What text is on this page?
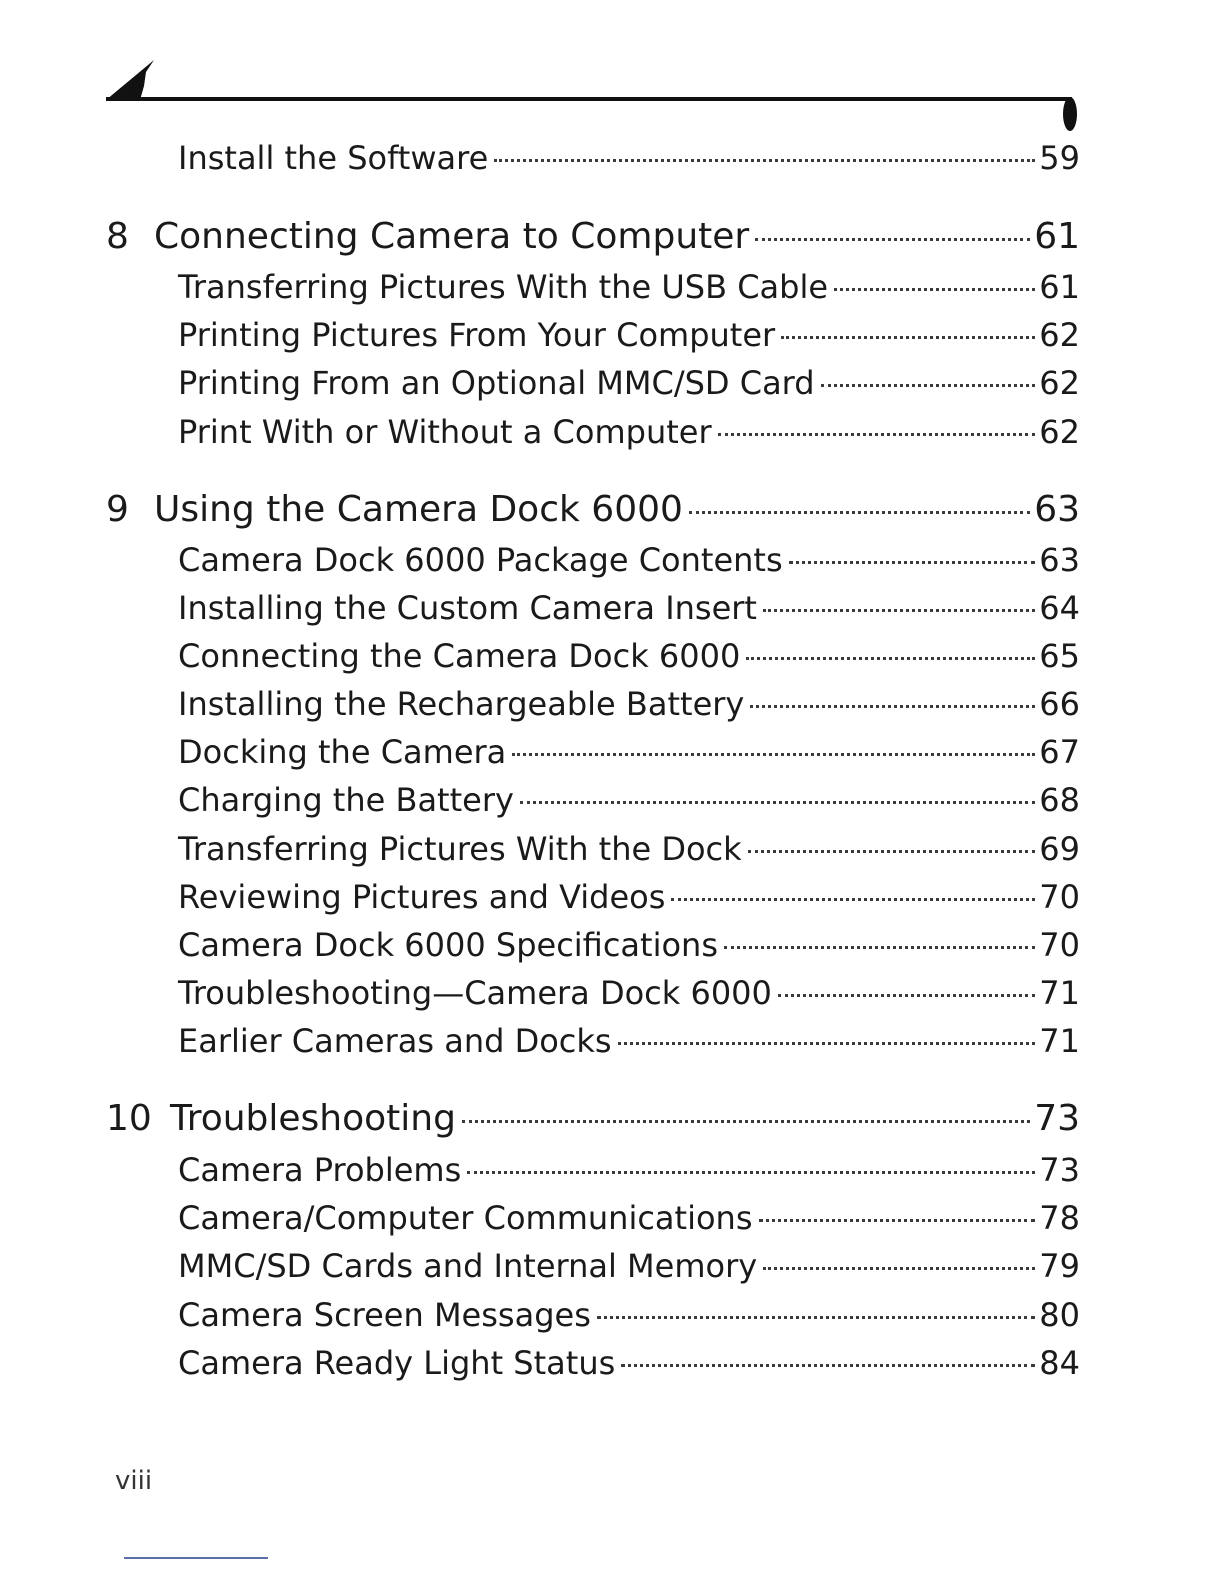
Install the Software	59
8 Connecting Camera to Computer	61
Transferring Pictures With the USB Cable	61
Printing Pictures From Your Computer	62
Printing From an Optional MMC/SD Card	62
Print With or Without a Computer	62
9 Using the Camera Dock 6000	63
Camera Dock 6000 Package Contents	63
Installing the Custom Camera Insert	64
Connecting the Camera Dock 6000	65
Installing the Rechargeable Battery	66
Docking the Camera	67
Charging the Battery	68
Transferring Pictures With the Dock	69
Reviewing Pictures and Videos	70
Camera Dock 6000 Specifications	70
Troubleshooting—Camera Dock 6000	71
Earlier Cameras and Docks	71
10 Troubleshooting	73
Camera Problems	73
Camera/Computer Communications	78
MMC/SD Cards and Internal Memory	79
Camera Screen Messages	80
Camera Ready Light Status	84
viii
